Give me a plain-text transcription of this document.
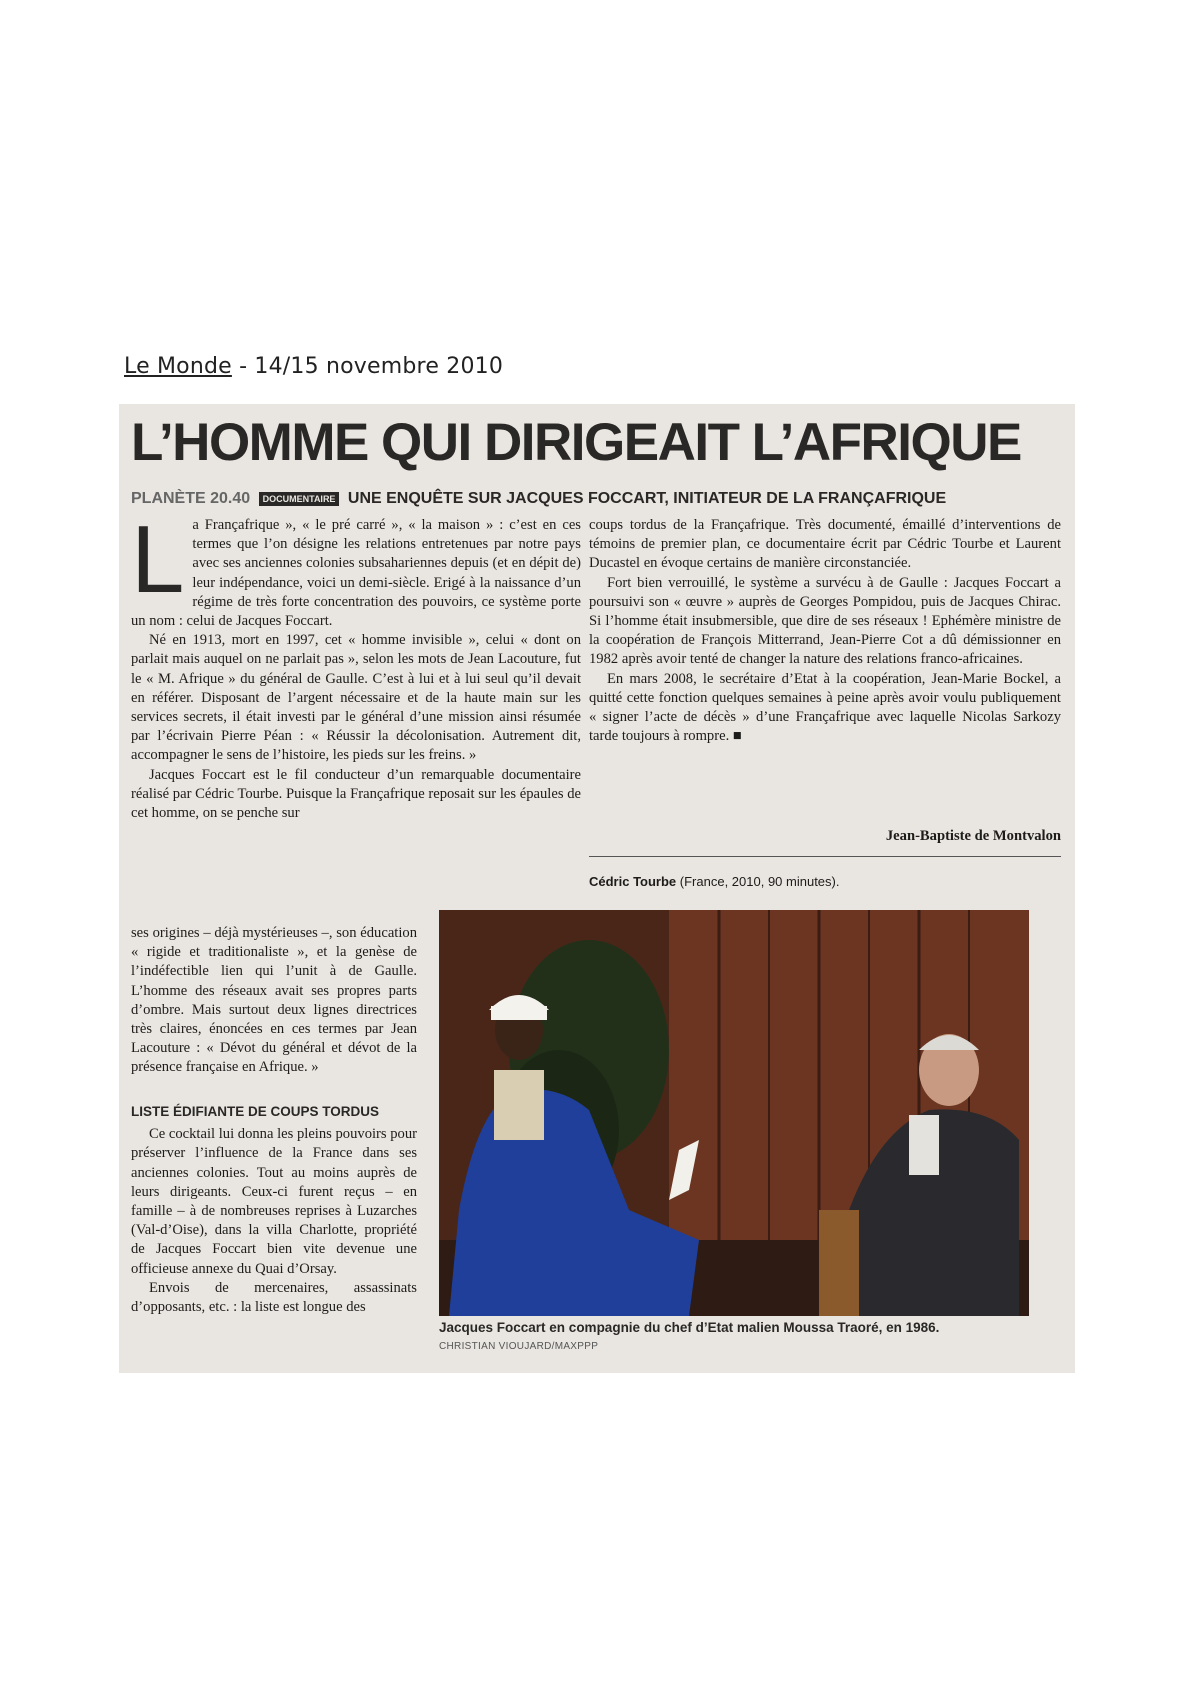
Le Monde - 14/15 novembre 2010
L’HOMME QUI DIRIGEAIT L’AFRIQUE
PLANÈTE 20.40 DOCUMENTAIRE UNE ENQUÊTE SUR JACQUES FOCCART, INITIATEUR DE LA FRANÇAFRIQUE
L a Françafrique », « le pré carré », « la maison » : c’est en ces termes que l’on désigne les relations entretenues par notre pays avec ses anciennes colonies subsahariennes depuis (et en dépit de) leur indépendance, voici un demi-siècle. Erigé à la naissance d’un régime de très forte concentration des pouvoirs, ce système porte un nom : celui de Jacques Foccart.

Né en 1913, mort en 1997, cet « homme invisible », celui « dont on parlait mais auquel on ne parlait pas », selon les mots de Jean Lacouture, fut le « M. Afrique » du général de Gaulle. C’est à lui et à lui seul qu’il devait en référer. Disposant de l’argent nécessaire et de la haute main sur les services secrets, il était investi par le général d’une mission ainsi résumée par l’écrivain Pierre Péan : « Réussir la décolonisation. Autrement dit, accompagner le sens de l’histoire, les pieds sur les freins. »

Jacques Foccart est le fil conducteur d’un remarquable documentaire réalisé par Cédric Tourbe. Puisque la Françafrique reposait sur les épaules de cet homme, on se penche sur

ses origines – déjà mystérieuses –, son éducation « rigide et traditionaliste », et la genèse de l’indéfectible lien qui l’unit à de Gaulle. L’homme des réseaux avait ses propres parts d’ombre. Mais surtout deux lignes directrices très claires, énoncées en ces termes par Jean Lacouture : « Dévot du général et dévot de la présence française en Afrique. »

LISTE ÉDIFIANTE DE COUPS TORDUS

Ce cocktail lui donna les pleins pouvoirs pour préserver l’influence de la France dans ses anciennes colonies. Tout au moins auprès de leurs dirigeants. Ceux-ci furent reçus – en famille – à de nombreuses reprises à Luzarches (Val-d’Oise), dans la villa Charlotte, propriété de Jacques Foccart bien vite devenue une officieuse annexe du Quai d’Orsay.

Envois de mercenaires, assassinats d’opposants, etc. : la liste est longue des

coups tordus de la Françafrique. Très documenté, émaillé d’interventions de témoins de premier plan, ce documentaire écrit par Cédric Tourbe et Laurent Ducastel en évoque certains de manière circonstanciée.

Fort bien verrouillé, le système a survécu à de Gaulle : Jacques Foccart a poursuivi son « œuvre » auprès de Georges Pompidou, puis de Jacques Chirac. Si l’homme était insubmersible, que dire de ses réseaux ! Ephémère ministre de la coopération de François Mitterrand, Jean-Pierre Cot a dû démissionner en 1982 après avoir tenté de changer la nature des relations franco-africaines.

En mars 2008, le secrétaire d’Etat à la coopération, Jean-Marie Bockel, a quitté cette fonction quelques semaines à peine après avoir voulu publiquement « signer l’acte de décès » d’une Françafrique avec laquelle Nicolas Sarkozy tarde toujours à rompre. ■

Jean-Baptiste de Montvalon
Cédric Tourbe (France, 2010, 90 minutes).
Jacques Foccart en compagnie du chef d’Etat malien Moussa Traoré, en 1986.
CHRISTIAN VIOUJARD/MAXPPP
